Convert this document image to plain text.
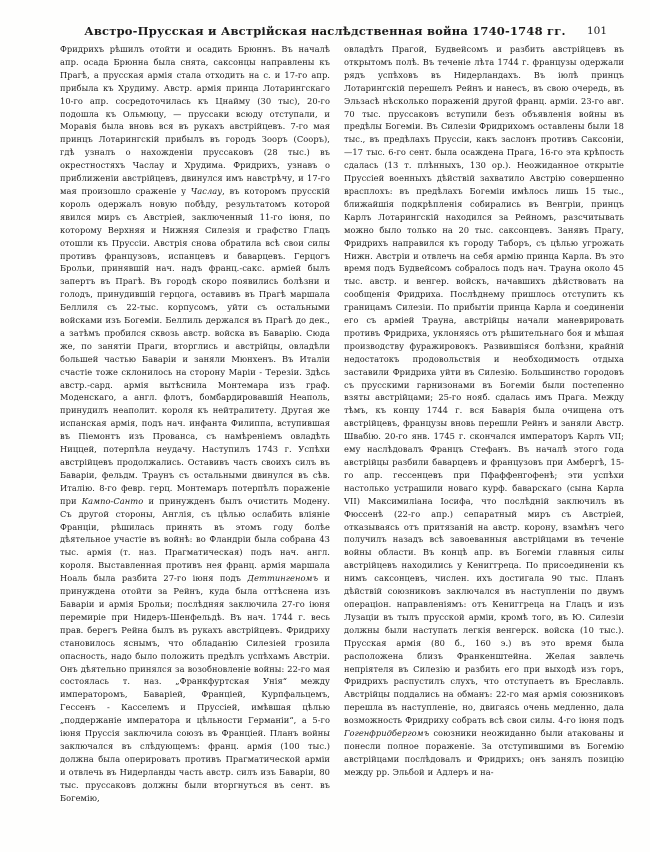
Австро-Прусская и Австрійская наслѣдственная война 1740-1748 гг.	101
Фридрихъ рѣшилъ отойти и осадить Брюннъ. Въ началѣ апр. осада Брюнна была снята, саксонцы направлены къ Прагѣ, а прусская армія стала отходить на с. и 17-го апр. прибыла къ Хрудиму. Австр. армія принца Лотарингскаго 10-го апр. сосредоточилась къ Цнайму (30 тыс), 20-го подошла къ Ольмюцу, — пруссаки всюду отступали, и Моравія была вновь вся въ рукахъ австрійцевъ. 7-го мая принцъ Лотарингскій прибылъ въ городъ Зооръ (Сооръ), гдѣ узналъ о нахожденіи пруссаковъ (28 тыс.) въ окрестностяхъ Часлау и Хрудима. Фридрихъ, узнавъ о приближеніи австрійцевъ, двинулся имъ навстрѣчу, и 17-го мая произошло сраженіе у Часлау, въ которомъ прусскій король одержалъ новую побѣду, результатомъ которой явился миръ съ Австріей, заключенный 11-го іюня, по которому Верхняя и Нижняя Силезія и графство Глацъ отошли къ Пруссіи. Австрія снова обратила всѣ свои силы противъ французовъ, испанцевъ и баварцевъ. Герцогъ Брольи, принявшій нач. надъ франц.-сакс. арміей былъ запертъ въ Прагѣ. Въ городѣ скоро появились болѣзни и голодъ, принудившій герцога, оставивъ въ Прагѣ маршала Беллиля съ 22-тыс. корпусомъ, уйти съ остальными войсками изъ Богеміи. Беллиль держался въ Прагѣ до дек., а затѣмъ пробился сквозь австр. войска въ Баварію. Сюда же, по занятіи Праги, вторглись и австрійцы, овладѣли большей частью Баваріи и заняли Мюнхенъ. Въ Италіи счастіе тоже склонилось на сторону Маріи - Терезіи. Здѣсь австр.-сард. армія вытѣснила Монтемара изъ граф. Моденскаго, а англ. флотъ, бомбардировавшій Неаполь, принудилъ неаполит. короля къ нейтралитету. Другая же испанская армія, подъ нач. инфанта Филиппа, вступившая въ Піемонтъ изъ Прованса, съ намѣреніемъ овладѣть Ниццей, потерпѣла неудачу. Наступилъ 1743 г. Успѣхи австрійцевъ продолжались. Оставивъ часть своихъ силъ въ Баваріи, фельдм. Траунъ съ остальными двинулся въ сѣв. Италію. 8-го февр. герц. Монтемаръ потерпѣлъ пораженіе при Кампо-Санто и принужденъ былъ очистить Модену. Съ другой стороны, Англія, съ цѣлью ослабить вліяніе Франціи, рѣшилась принять въ этомъ году болѣе дѣятельное участіе въ войнѣ: во Фландріи была собрана 43 тыс. армія (т. наз. Прагматическая) подъ нач. англ. короля. Выставленная противъ нея франц. армія маршала Ноаль была разбита 27-го іюня подъ Деттингеномъ и принуждена отойти за Рейнъ, куда была оттѣснена изъ Баваріи и армія Брольи; послѣдняя заключила 27-го іюня перемиріе при Нидеръ-Шенфельдѣ. Въ нач. 1744 г. весь прав. берегъ Рейна былъ въ рукахъ австрійцевъ. Фридриху становилось яснымъ, что обладанію Силезіей грозила опасность, надо было положить предѣлъ успѣхамъ Австріи. Онъ дѣятельно принялся за возобновленіе войны: 22-го мая состоялась т. наз. „Франкфуртская Унія“ между императоромъ, Баваріей, Франціей, Курпфальцемъ, Гессенъ - Касселемъ и Пруссіей, имѣвшая цѣлью „поддержаніе императора и цѣльности Германіи“, а 5-го іюня Пруссія заключила союзъ въ Франціей. Планъ войны заключался въ слѣдующемъ: франц. армія (100 тыс.) должна была оперировать противъ Прагматической арміи и отвлечь въ Нидерланды часть австр. силъ изъ Баваріи, 80 тыс. пруссаковъ должны были вторгнуться въ сент. въ Богемію,
овладѣть Прагой, Будвейсомъ и разбить австрійцевъ въ открытомъ полѣ. Въ теченіе лѣта 1744 г. французы одержали рядъ успѣховъ въ Нидерландахъ. Въ іюлѣ принцъ Лотарингскій перешелъ Рейнъ и нанесъ, въ свою очередь, въ Эльзасѣ нѣсколько пораженій другой франц. арміи. 23-го авг. 70 тыс. пруссаковъ вступили безъ объявленія войны въ предѣлы Богеміи. Въ Силезіи Фридрихомъ оставлены были 18 тыс., въ предѣлахъ Пруссіи, какъ заслонъ противъ Саксоніи,—17 тыс. 6-го сент. была осаждена Прага, 16-го эта крѣпость сдалась (13 т. плѣнныхъ, 130 ор.). Неожиданное открытіе Пруссіей военныхъ дѣйствій захватило Австрію совершенно врасплохъ: въ предѣлахъ Богеміи имѣлось лишь 15 тыс., ближайшія подкрѣпленія собирались въ Венгріи, принцъ Карлъ Лотарингскій находился за Рейномъ, разсчитывать можно было только на 20 тыс. саксонцевъ. Занявъ Прагу, Фридрихъ направился къ городу Таборъ, съ цѣлью угрожать Нижн. Австріи и отвлечь на себя армію принца Карла. Въ это время подъ Будвейсомъ собралось подъ нач. Трауна около 45 тыс. австр. и венгер. войскъ, начавшихъ дѣйствовать на сообщенія Фридриха. Послѣднему пришлось отступить къ границамъ Силезіи. По прибытіи принца Карла и соединеніи его съ арміей Трауна, австрійцы начали маневрировать противъ Фридриха, уклоняясь отъ рѣшительнаго боя и мѣшая производству фуражировокъ. Развившіяся болѣзни, крайній недостатокъ продовольствія и необходимость отдыха заставили Фридриха уйти въ Силезію. Большинство городовъ съ прусскими гарнизонами въ Богеміи были постепенно взяты австрійцами; 25-го нояб. сдалась имъ Прага. Между тѣмъ, къ концу 1744 г. вся Баварія была очищена отъ австрійцевъ, французы вновь перешли Рейнъ и заняли Австр. Швабію. 20-го янв. 1745 г. скончался императоръ Карлъ VII; ему наслѣдовалъ Францъ Стефанъ. Въ началѣ этого года австрійцы разбили баварцевъ и французовъ при Амбергѣ, 15-го апр. гессенцевъ при Пфаффенгофенѣ; эти успѣхи настолько устрашили новаго курф. баварскаго (сына Карла VII) Максимиліана Іосифа, что послѣдній заключилъ въ Фюссенѣ (22-го апр.) сепаратный миръ съ Австріей, отказываясь отъ притязаній на австр. корону, взамѣнъ чего получилъ назадъ всѣ завоеванныя австрійцами въ теченіе войны области. Въ концѣ апр. въ Богеміи главныя силы австрійцевъ находились у Кениггреца. По присоединеніи къ нимъ саксонцевъ, числен. ихъ достигала 90 тыс. Планъ дѣйствій союзниковъ заключался въ наступленіи по двумъ операціон. направленіямъ: отъ Кениггреца на Глацъ и изъ Лузаціи въ тылъ прусской арміи, кромѣ того, въ Ю. Силезіи должны были наступать легкія венгерск. войска (10 тыс.). Прусская армія (80 б., 160 э.) въ это время была расположена близъ Франкенштейна. Желая завлечь непріятеля въ Силезію и разбить его при выходѣ изъ горъ, Фридрихъ распустилъ слухъ, что отступаетъ въ Бреславль. Австрійцы поддались на обманъ: 22-го мая армія союзниковъ перешла въ наступленіе, но, двигаясь очень медленно, дала возможность Фридриху собрать всѣ свои силы. 4-го іюня подъ Гогенфридбергомъ союзники неожиданно были атакованы и понесли полное пораженіе. За отступившими въ Богемію австрійцами послѣдовалъ и Фридрихъ; онъ занялъ позицію между рр. Эльбой и Адлеръ и на-
